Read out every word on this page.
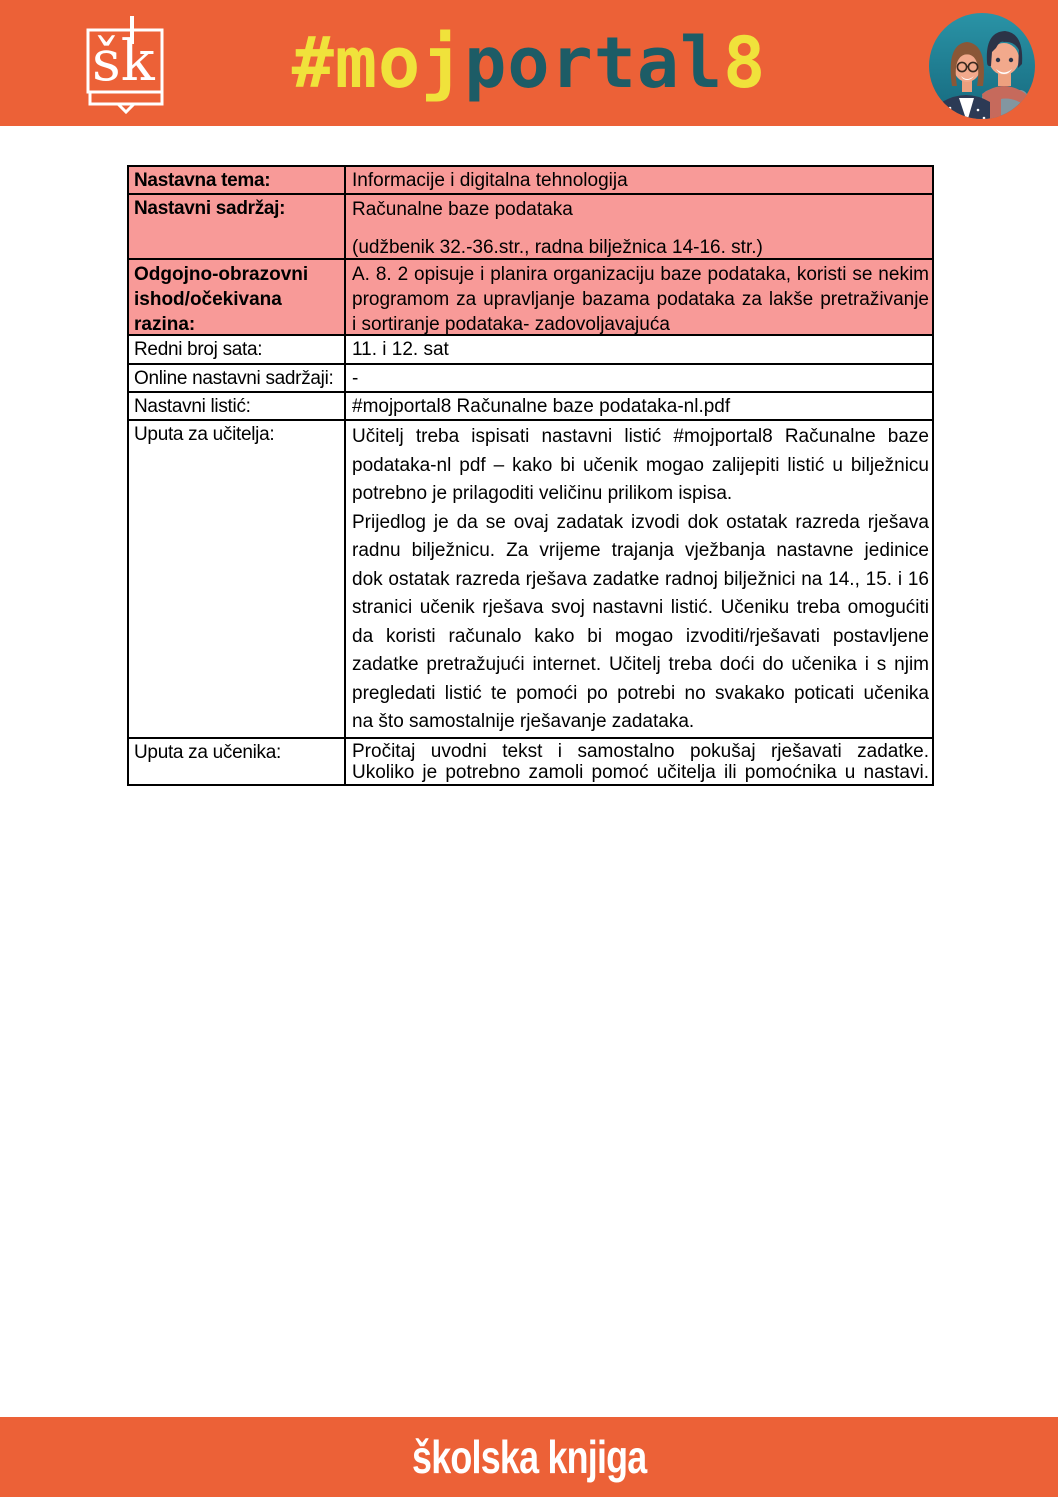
šk #moj portal 8
Nastavna tema:	Informacije i digitalna tehnologija
Nastavni sadržaj:	Računalne baze podataka

(udžbenik 32.-36.str., radna bilježnica 14-16. str.)
Odgojno-obrazovni ishod/očekivana razina:
A. 8. 2 opisuje i planira organizaciju baze podataka, koristi se nekim
programom za upravljanje bazama podataka za lakše pretraživanje
i sortiranje podataka- zadovoljavajuća
Redni broj sata:	11. i 12. sat
Online nastavni sadržaji: -
Nastavni listić:	#mojportal8 Računalne baze podataka-nl.pdf
Uputa za učitelja:	Učitelj treba ispisati nastavni listić #mojportal8 Računalne baze
podataka-nl pdf – kako bi učenik mogao zalijepiti listić u bilježnicu
potrebno je prilagoditi veličinu prilikom ispisa.
Prijedlog je da se ovaj zadatak izvodi dok ostatak razreda rješava
radnu bilježnicu. Za vrijeme trajanja vježbanja nastavne jedinice
dok ostatak razreda rješava zadatke radnoj bilježnici na 14., 15. i 16
stranici učenik rješava svoj nastavni listić. Učeniku treba omogućiti
da koristi računalo kako bi mogao izvoditi/rješavati postavljene
zadatke pretražujući internet. Učitelj treba doći do učenika i s njim
pregledati listić te pomoći po potrebi no svakako poticati učenika
na što samostalnije rješavanje zadataka.
Uputa za učenika:	Pročitaj uvodni tekst i samostalno pokušaj rješavati zadatke.
Ukoliko je potrebno zamoli pomoć učitelja ili pomoćnika u nastavi.
školska knjiga
